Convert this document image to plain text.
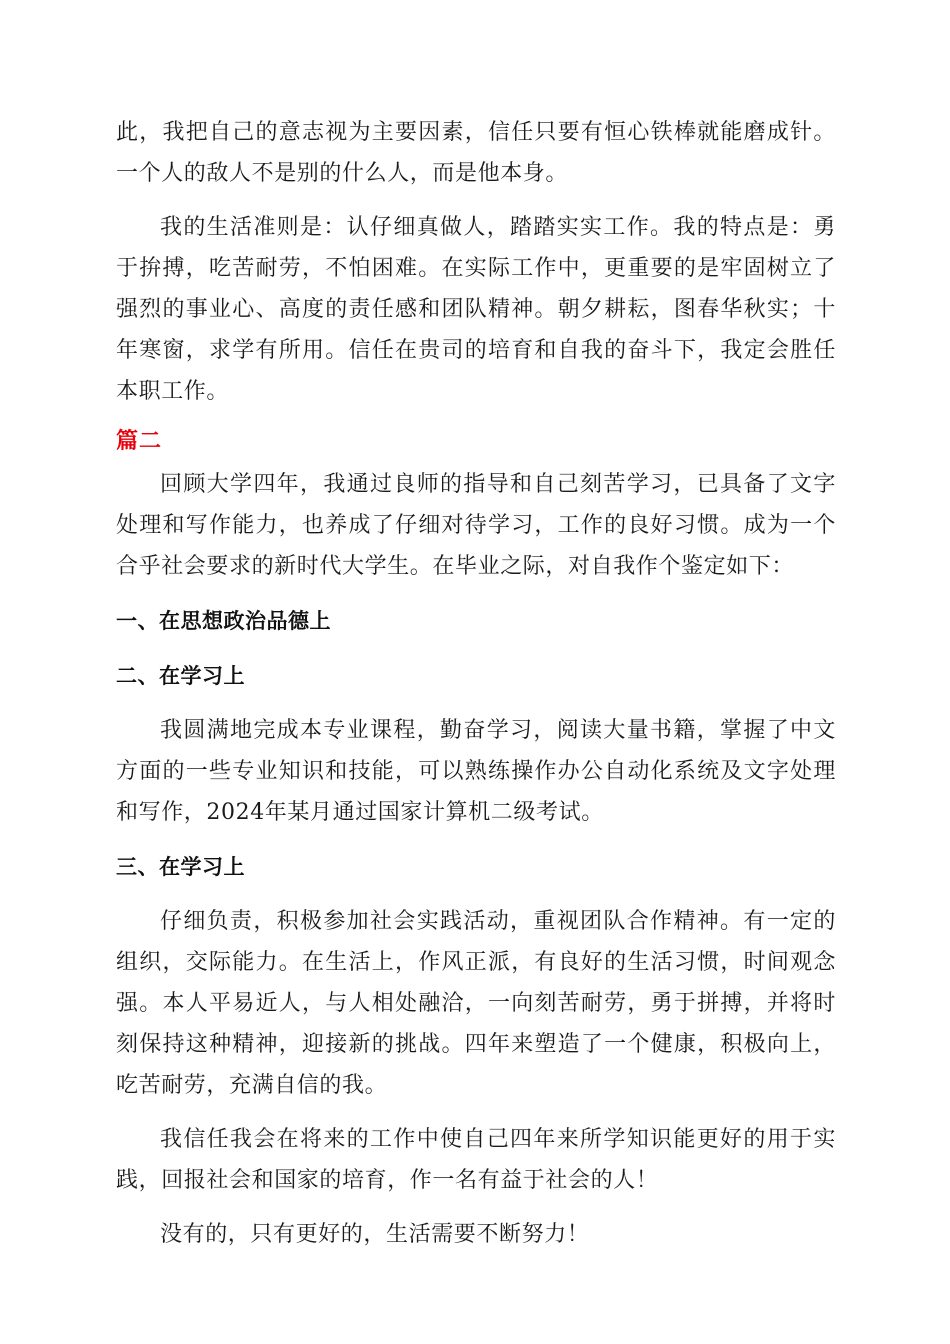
此，我把自己的意志视为主要因素，信任只要有恒心铁棒就能磨成针。一个人的敌人不是别的什么人，而是他本身。

我的生活准则是：认仔细真做人，踏踏实实工作。我的特点是：勇于拚搏，吃苦耐劳，不怕困难。在实际工作中，更重要的是牢固树立了强烈的事业心、高度的责任感和团队精神。朝夕耕耘，图春华秋实；十年寒窗，求学有所用。信任在贵司的培育和自我的奋斗下，我定会胜任本职工作。

篇二

回顾大学四年，我通过良师的指导和自己刻苦学习，已具备了文字处理和写作能力，也养成了仔细对待学习，工作的良好习惯。成为一个合乎社会要求的新时代大学生。在毕业之际，对自我作个鉴定如下：

一、在思想政治品德上
二、在学习上

我圆满地完成本专业课程，勤奋学习，阅读大量书籍，掌握了中文方面的一些专业知识和技能，可以熟练操作办公自动化系统及文字处理和写作，2024年某月通过国家计算机二级考试。

三、在学习上

仔细负责，积极参加社会实践活动，重视团队合作精神。有一定的组织，交际能力。在生活上，作风正派，有良好的生活习惯，时间观念强。本人平易近人，与人相处融洽，一向刻苦耐劳，勇于拼搏，并将时刻保持这种精神，迎接新的挑战。四年来塑造了一个健康，积极向上，吃苦耐劳，充满自信的我。

我信任我会在将来的工作中使自己四年来所学知识能更好的用于实践，回报社会和国家的培育，作一名有益于社会的人！

没有的，只有更好的，生活需要不断努力！
